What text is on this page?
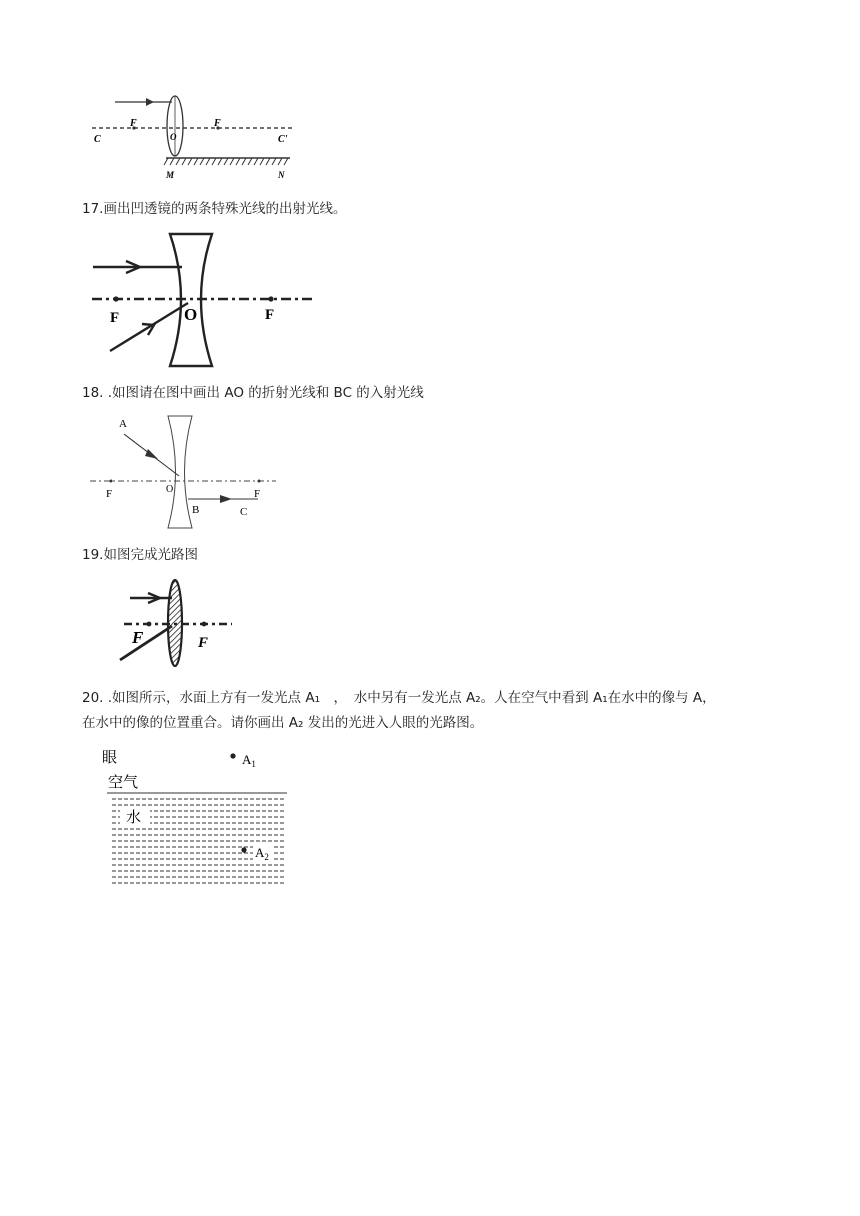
C
F
O
F
C'
M	N
17.画出凹透镜的两条特殊光线的出射光线。
F	O	F
18. .如图请在图中画出 AO 的折射光线和 BC 的入射光线
A
F	O	F
B	C
19.如图完成光路图
F	F
20. .如图所示，水面上方有一发光点 A₁　，　水中另有一发光点 A₂。人在空气中看到 A₁在水中的像与 A，
在水中的像的位置重合。请你画出 A₂ 发出的光进入人眼的光路图。
眼
空气
水
$A_1$
$A_2$
